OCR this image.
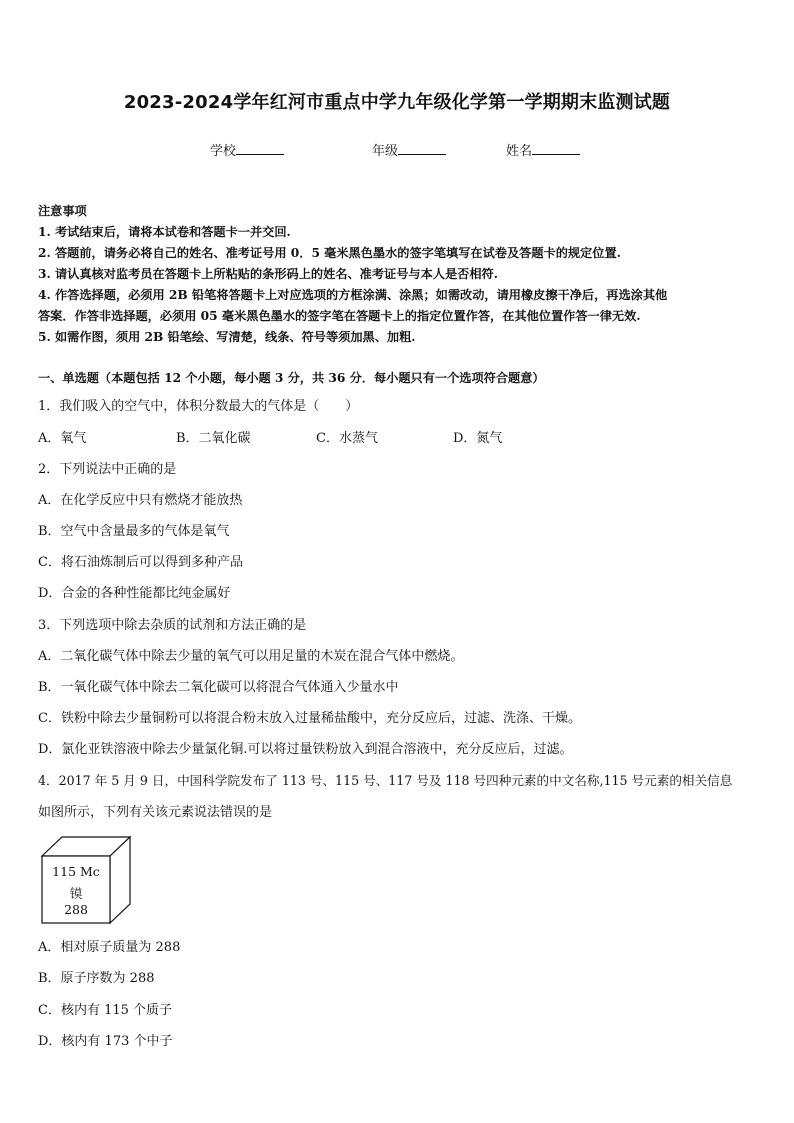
2023-2024学年红河市重点中学九年级化学第一学期期末监测试题
学校	年级	姓名
注意事项
1. 考试结束后，请将本试卷和答题卡一并交回.
2. 答题前，请务必将自己的姓名、准考证号用 0．5 毫米黑色墨水的签字笔填写在试卷及答题卡的规定位置.
3. 请认真核对监考员在答题卡上所粘贴的条形码上的姓名、准考证号与本人是否相符.
4. 作答选择题，必须用 2B 铅笔将答题卡上对应选项的方框涂满、涂黑；如需改动，请用橡皮擦干净后，再选涂其他
答案．作答非选择题，必须用 05 毫米黑色墨水的签字笔在答题卡上的指定位置作答，在其他位置作答一律无效.
5. 如需作图，须用 2B 铅笔绘、写清楚，线条、符号等须加黑、加粗.
一、单选题（本题包括 12 个小题，每小题 3 分，共 36 分．每小题只有一个选项符合题意）
1．我们吸入的空气中，体积分数最大的气体是（　　）
A．氧气	B．二氧化碳	C．水蒸气	D．氮气
2．下列说法中正确的是
A．在化学反应中只有燃烧才能放热
B．空气中含量最多的气体是氧气
C．将石油炼制后可以得到多种产品
D．合金的各种性能都比纯金属好
3．下列选项中除去杂质的试剂和方法正确的是
A．二氧化碳气体中除去少量的氧气可以用足量的木炭在混合气体中燃烧。
B．一氧化碳气体中除去二氧化碳可以将混合气体通入少量水中
C．铁粉中除去少量铜粉可以将混合粉末放入过量稀盐酸中，充分反应后，过滤、洗涤、干燥。
D．氯化亚铁溶液中除去少量氯化铜.可以将过量铁粉放入到混合溶液中，充分反应后，过滤。
4．2017 年 5 月 9 日，中国科学院发布了 113 号、115 号、117 号及 118 号四种元素的中文名称,115 号元素的相关信息
如图所示，下列有关该元素说法错误的是
115 Mc
镆
288
A．相对原子质量为 288
B．原子序数为 288
C．核内有 115 个质子
D．核内有 173 个中子
